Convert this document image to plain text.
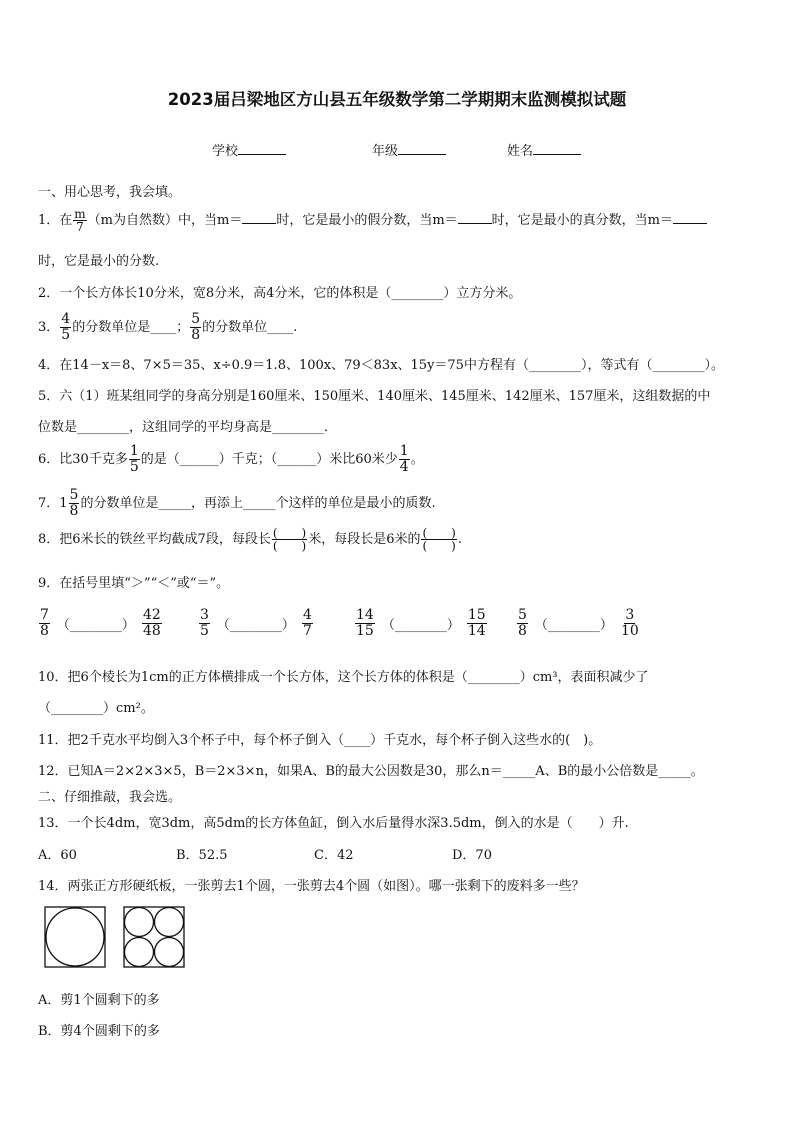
2023届吕梁地区方山县五年级数学第二学期期末监测模拟试题
学校	年级	姓名
一、用心思考，我会填。
1．在 $\frac{m}{7} (m$为自然数）中，当m＝	时，它是最小的假分数，当m＝	时，它是最小的真分数，当m＝
时，它是最小的分数.
2．一个长方体长10分米，宽8分米，高4分米，它的体积是（________）立方分米。
3． $\frac{4}{5}$ 的分数单位是____； $\frac{5}{8}$ 的分数单位____.
4．在14－x＝8、7×5＝35、x÷0.9＝1.8、100x、79＜83x、15y＝75中方程有（________），等式有（________）。
5．六（1）班某组同学的身高分别是160厘米、150厘米、140厘米、145厘米、142厘米、157厘米，这组数据的中
位数是________，这组同学的平均身高是________．
6．比30千克多 $\frac{1}{5}$ 的是（______）千克；（______）米比60米少 $\frac{1}{4}$ 。
7．$1 \frac{5}{8}$ 的分数单位是_____，再添上_____个这样的单位是最小的质数.
8．把6米长的铁丝平均截成7段，每段长 $\frac{( )}{( )}$ 米，每段长是6米的 $\frac{( )}{( )}$ .
9．在括号里填“＞”“＜”或“＝”。
$\frac{7}{8}$ （________） $\frac{42}{48}$	$\frac{3}{5}$ （________） $\frac{4}{7}$	$\frac{14}{15}$ （________） $\frac{15}{14} \frac{5}{8}$ （________） $\frac{3}{10}$
10．把6个棱长为1cm的正方体横排成一个长方体，这个长方体的体积是（________）cm³，表面积减少了
（________）cm²。
11．把2千克水平均倒入3个杯子中，每个杯子倒入（____）千克水，每个杯子倒入这些水的(　)。
12．已知A＝2×2×3×5，B＝2×3×n，如果A、B的最大公因数是30，那么n＝_____A、B的最小公倍数是_____。
二、仔细推敲，我会选。
13．一个长4dm，宽3dm，高5dm的长方体鱼缸，倒入水后量得水深3.5dm，倒入的水是（　　）升.
A．60	B．52.5	C．42	D．70
14．两张正方形硬纸板，一张剪去1个圆，一张剪去4个圆（如图）。哪一张剩下的废料多一些？
A．剪1个圆剩下的多
B．剪4个圆剩下的多
